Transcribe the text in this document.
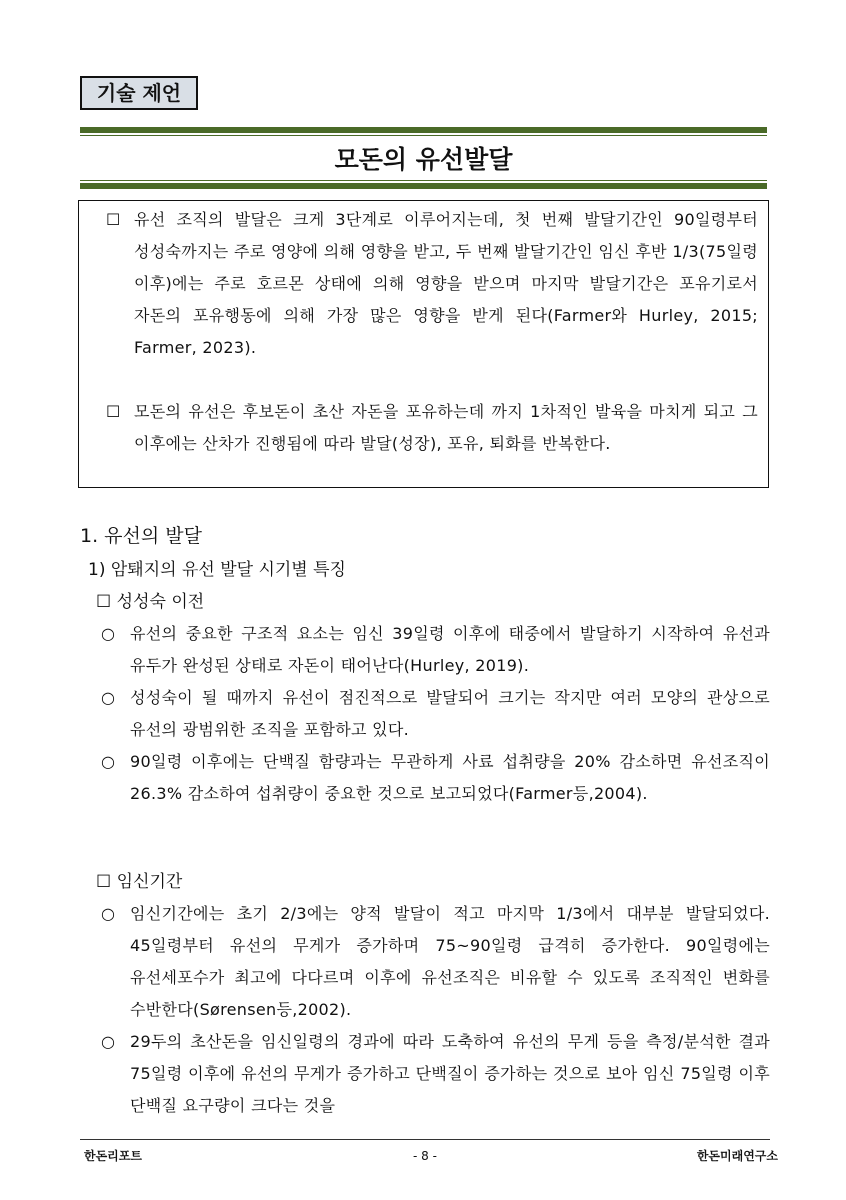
기술 제언
모돈의 유선발달
☐ 유선 조직의 발달은 크게 3단계로 이루어지는데, 첫 번째 발달기간인 90일령부터 성성숙까지는 주로 영양에 의해 영향을 받고, 두 번째 발달기간인 임신 후반 1/3(75일령 이후)에는 주로 호르몬 상태에 의해 영향을 받으며 마지막 발달기간은 포유기로서 자돈의 포유행동에 의해 가장 많은 영향을 받게 된다(Farmer와 Hurley, 2015; Farmer, 2023).
☐ 모돈의 유선은 후보돈이 초산 자돈을 포유하는데 까지 1차적인 발육을 마치게 되고 그 이후에는 산차가 진행됨에 따라 발달(성장), 포유, 퇴화를 반복한다.
1. 유선의 발달
1) 암퇘지의 유선 발달 시기별 특징
☐ 성성숙 이전
○ 유선의 중요한 구조적 요소는 임신 39일령 이후에 태중에서 발달하기 시작하여 유선과 유두가 완성된 상태로 자돈이 태어난다(Hurley, 2019).
○ 성성숙이 될 때까지 유선이 점진적으로 발달되어 크기는 작지만 여러 모양의 관상으로 유선의 광범위한 조직을 포함하고 있다.
○ 90일령 이후에는 단백질 함량과는 무관하게 사료 섭취량을 20% 감소하면 유선조직이 26.3% 감소하여 섭취량이 중요한 것으로 보고되었다(Farmer등,2004).
☐ 임신기간
○ 임신기간에는 초기 2/3에는 양적 발달이 적고 마지막 1/3에서 대부분 발달되었다. 45일령부터 유선의 무게가 증가하며 75~90일령 급격히 증가한다. 90일령에는 유선세포수가 최고에 다다르며 이후에 유선조직은 비유할 수 있도록 조직적인 변화를 수반한다(Sørensen등,2002).
○ 29두의 초산돈을 임신일령의 경과에 따라 도축하여 유선의 무게 등을 측정/분석한 결과 75일령 이후에 유선의 무게가 증가하고 단백질이 증가하는 것으로 보아 임신 75일령 이후 단백질 요구량이 크다는 것을
한돈리포트	- 8 -	한돈미래연구소
